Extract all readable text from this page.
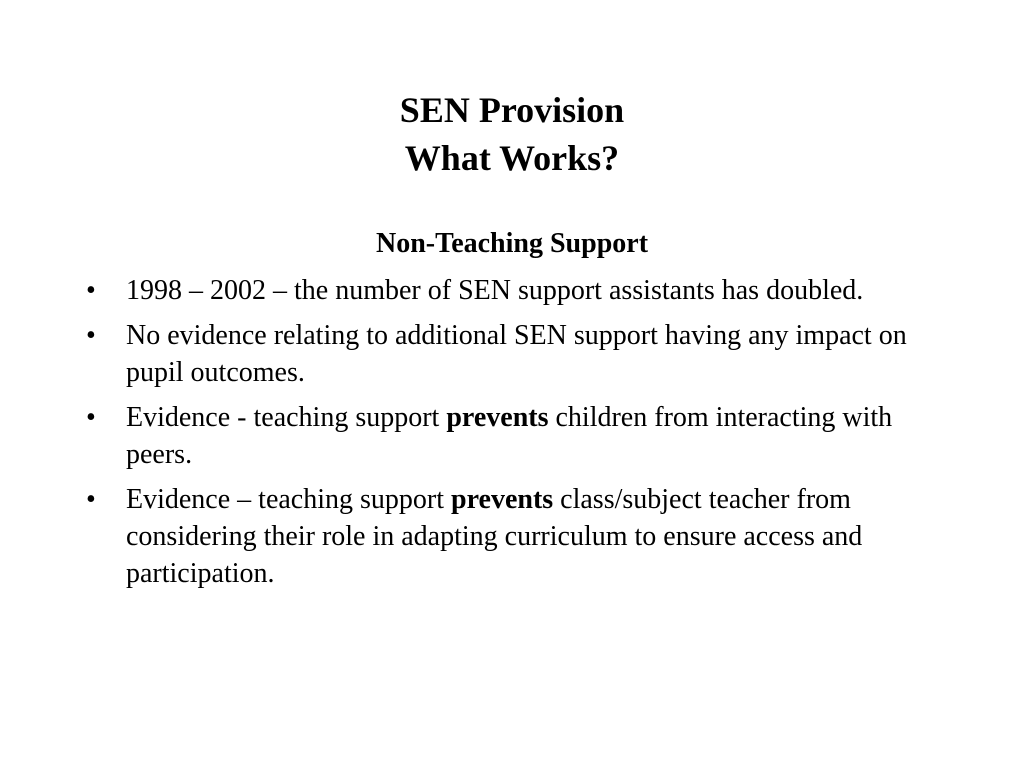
SEN Provision
What Works?
Non-Teaching Support
• 1998 – 2002 – the number of SEN support assistants has doubled.
• No evidence relating to additional SEN support having any impact on pupil outcomes.
• Evidence - teaching support prevents children from interacting with peers.
• Evidence – teaching support prevents class/subject teacher from considering their role in adapting curriculum to ensure access and participation.
